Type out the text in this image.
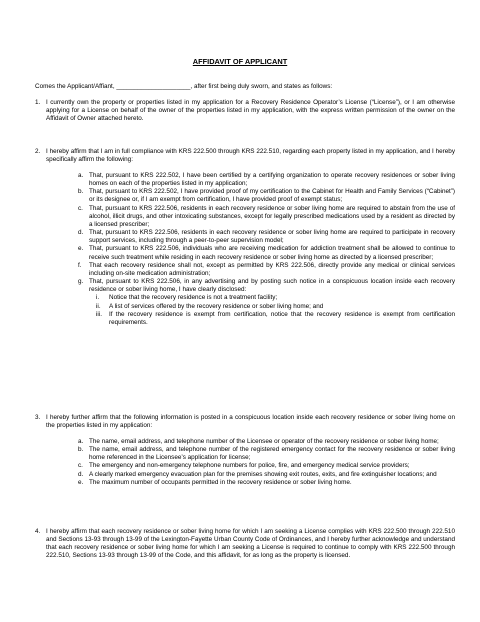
AFFIDAVIT OF APPLICANT
Comes the Applicant/Affiant, _____________________, after first being duly sworn, and states as follows:
1. I currently own the property or properties listed in my application for a Recovery Residence Operator’s License (“License”), or I am otherwise applying for a License on behalf of the owner of the properties listed in my application, with the express written permission of the owner on the Affidavit of Owner attached hereto.
2. I hereby affirm that I am in full compliance with KRS 222.500 through KRS 222.510, regarding each property listed in my application, and I hereby specifically affirm the following:
a. That, pursuant to KRS 222.502, I have been certified by a certifying organization to operate recovery residences or sober living homes on each of the properties listed in my application;
b. That, pursuant to KRS 222.502, I have provided proof of my certification to the Cabinet for Health and Family Services (“Cabinet”) or its designee or, if I am exempt from certification, I have provided proof of exempt status;
c. That, pursuant to KRS 222.506, residents in each recovery residence or sober living home are required to abstain from the use of alcohol, illicit drugs, and other intoxicating substances, except for legally prescribed medications used by a resident as directed by a licensed prescriber;
d. That, pursuant to KRS 222.506, residents in each recovery residence or sober living home are required to participate in recovery support services, including through a peer-to-peer supervision model;
e. That, pursuant to KRS 222.506, individuals who are receiving medication for addiction treatment shall be allowed to continue to receive such treatment while residing in each recovery residence or sober living home as directed by a licensed prescriber;
f. That each recovery residence shall not, except as permitted by KRS 222.506, directly provide any medical or clinical services including on-site medication administration;
g. That, pursuant to KRS 222.506, in any advertising and by posting such notice in a conspicuous location inside each recovery residence or sober living home, I have clearly disclosed:
i. Notice that the recovery residence is not a treatment facility;
ii. A list of services offered by the recovery residence or sober living home; and
iii. If the recovery residence is exempt from certification, notice that the recovery residence is exempt from certification requirements.
3. I hereby further affirm that the following information is posted in a conspicuous location inside each recovery residence or sober living home on the properties listed in my application:
a. The name, email address, and telephone number of the Licensee or operator of the recovery residence or sober living home;
b. The name, email address, and telephone number of the registered emergency contact for the recovery residence or sober living home referenced in the Licensee’s application for license;
c. The emergency and non-emergency telephone numbers for police, fire, and emergency medical service providers;
d. A clearly marked emergency evacuation plan for the premises showing exit routes, exits, and fire extinguisher locations; and
e. The maximum number of occupants permitted in the recovery residence or sober living home.
4. I hereby affirm that each recovery residence or sober living home for which I am seeking a License complies with KRS 222.500 through 222.510 and Sections 13-93 through 13-99 of the Lexington-Fayette Urban County Code of Ordinances, and I hereby further acknowledge and understand that each recovery residence or sober living home for which I am seeking a License is required to continue to comply with KRS 222.500 through 222.510, Sections 13-93 through 13-99 of the Code, and this affidavit, for as long as the property is licensed.
